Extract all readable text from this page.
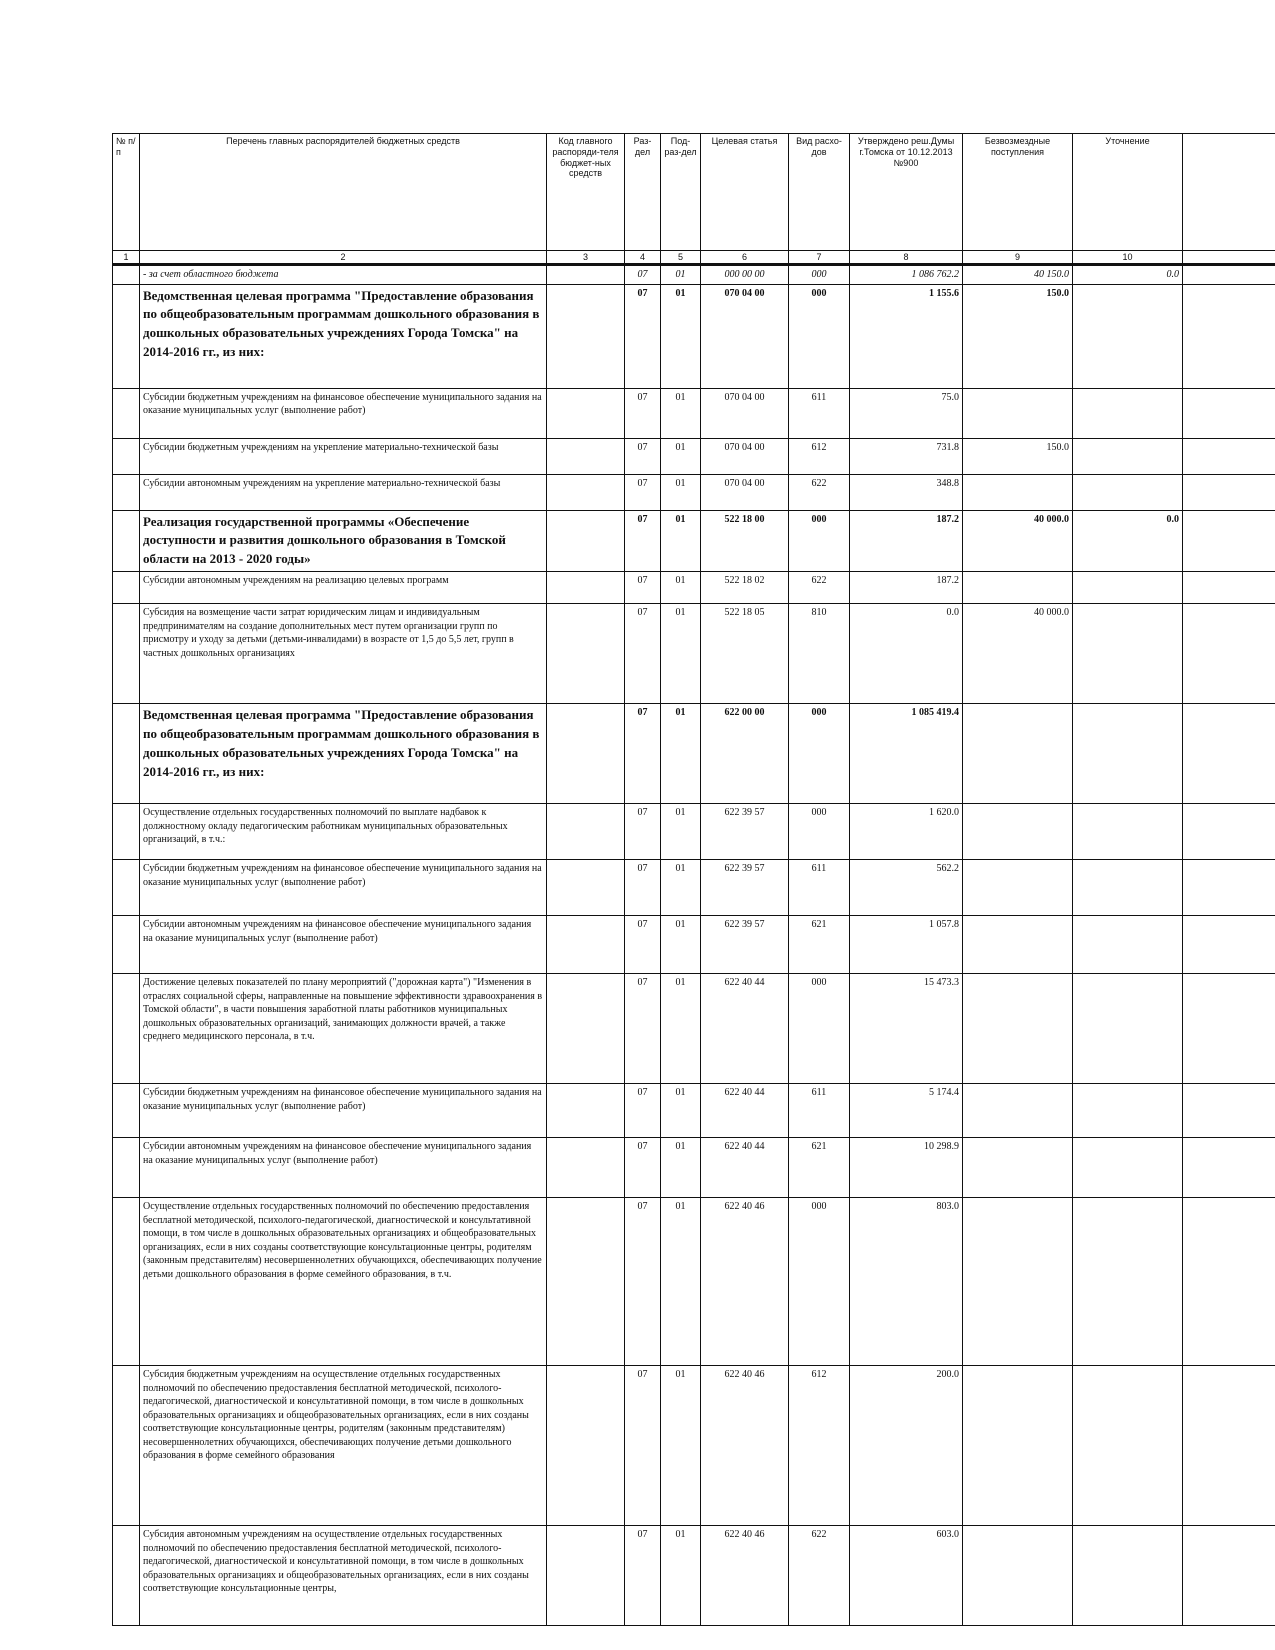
№ п/п	Перечень главных распорядителей бюджетных средств	Код главного распоряди-теля бюджет-ных средств	Раз-дел	Под-раз-дел	Целевая статья	Вид расхо-дов	Утверждено реш.Думы г.Томска от 10.12.2013 №900	Безвозмездные поступления	Уточнение	
1	2	3	4	5	6	7	8	9	10	
	- за счет областного бюджета		07	01	000 00 00	000	1 086 762.2	40 150.0	0.0	
	Ведомственная целевая программа "Предоставление образования по общеобразовательным программам дошкольного образования в дошкольных образовательных учреждениях Города Томска" на 2014-2016 гг., из них:		07	01	070 04 00	000	1 155.6	150.0		
	Субсидии бюджетным учреждениям на финансовое обеспечение муниципального задания на оказание муниципальных услуг (выполнение работ)		07	01	070 04 00	611	75.0			
	Субсидии бюджетным учреждениям на укрепление материально-технической базы		07	01	070 04 00	612	731.8	150.0		
	Субсидии автономным учреждениям на укрепление материально-технической базы		07	01	070 04 00	622	348.8			
	Реализация государственной программы «Обеспечение доступности и развития дошкольного образования в Томской области на 2013 - 2020 годы»		07	01	522 18 00	000	187.2	40 000.0	0.0	
	Субсидии автономным учреждениям на реализацию целевых программ		07	01	522 18 02	622	187.2			
	Субсидия на возмещение части затрат юридическим лицам и индивидуальным предпринимателям на создание дополнительных мест путем организации групп по присмотру и уходу за детьми (детьми-инвалидами) в возрасте от 1,5 до 5,5 лет, групп в частных дошкольных организациях		07	01	522 18 05	810	0.0	40 000.0		
	Ведомственная целевая программа "Предоставление образования по общеобразовательным программам дошкольного образования в дошкольных образовательных учреждениях Города Томска" на 2014-2016 гг., из них:		07	01	622 00 00	000	1 085 419.4			
	Осуществление отдельных государственных полномочий по выплате надбавок к должностному окладу педагогическим работникам муниципальных образовательных организаций, в т.ч.:		07	01	622 39 57	000	1 620.0			
	Субсидии бюджетным учреждениям на финансовое обеспечение муниципального задания на оказание муниципальных услуг (выполнение работ)		07	01	622 39 57	611	562.2			
	Субсидии автономным учреждениям на финансовое обеспечение муниципального задания на оказание муниципальных услуг (выполнение работ)		07	01	622 39 57	621	1 057.8			
	Достижение целевых показателей по плану мероприятий ("дорожная карта") "Изменения в отраслях социальной сферы, направленные на повышение эффективности здравоохранения в Томской области", в части повышения заработной платы работников муниципальных дошкольных образовательных организаций, занимающих должности врачей, а также среднего медицинского персонала, в т.ч.		07	01	622 40 44	000	15 473.3			
	Субсидии бюджетным учреждениям на финансовое обеспечение муниципального задания на оказание муниципальных услуг (выполнение работ)		07	01	622 40 44	611	5 174.4			
	Субсидии автономным учреждениям на финансовое обеспечение муниципального задания на оказание муниципальных услуг (выполнение работ)		07	01	622 40 44	621	10 298.9			
	Осуществление отдельных государственных полномочий по обеспечению предоставления бесплатной методической, психолого-педагогической, диагностической и консультативной помощи, в том числе в дошкольных образовательных организациях и общеобразовательных организациях, если в них созданы соответствующие консультационные центры, родителям (законным представителям) несовершеннолетних обучающихся, обеспечивающих получение детьми дошкольного образования в форме семейного образования, в т.ч.		07	01	622 40 46	000	803.0			
	Субсидия бюджетным учреждениям на осуществление отдельных государственных полномочий по обеспечению предоставления бесплатной методической, психолого-педагогической, диагностической и консультативной помощи, в том числе в дошкольных образовательных организациях и общеобразовательных организациях, если в них созданы соответствующие консультационные центры, родителям (законным представителям) несовершеннолетних обучающихся, обеспечивающих получение детьми дошкольного образования в форме семейного образования		07	01	622 40 46	612	200.0			
	Субсидия автономным учреждениям на осуществление отдельных государственных полномочий по обеспечению предоставления бесплатной методической, психолого-педагогической, диагностической и консультативной помощи, в том числе в дошкольных образовательных организациях и общеобразовательных организациях, если в них созданы соответствующие консультационные центры,		07	01	622 40 46	622	603.0			
